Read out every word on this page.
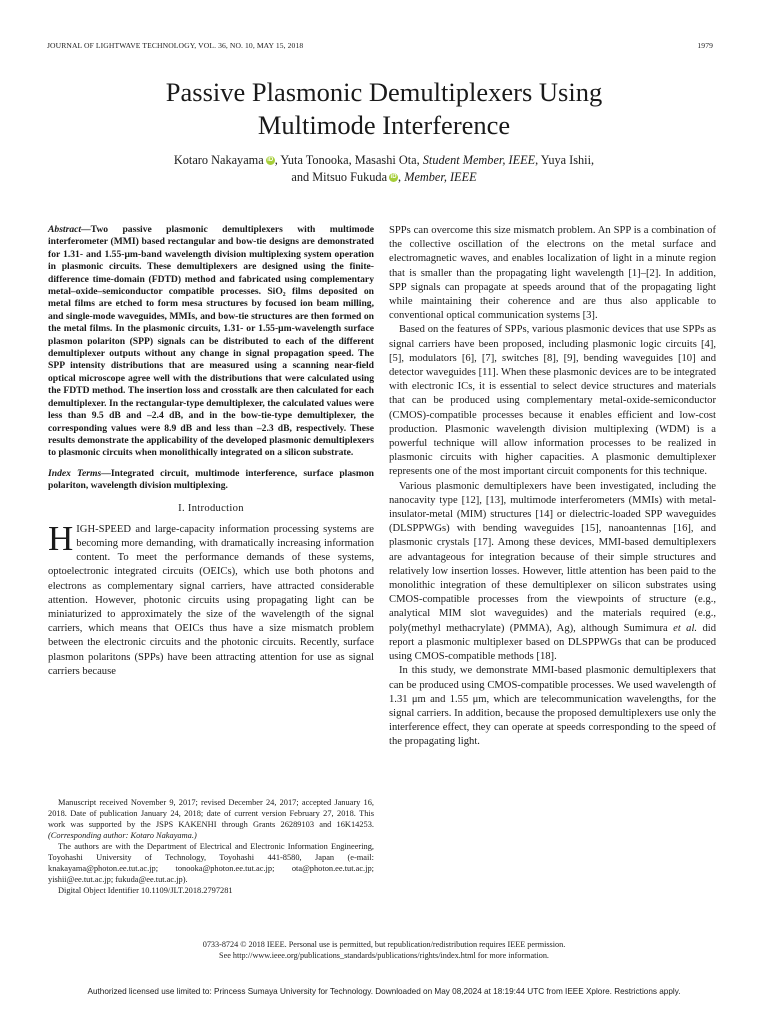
JOURNAL OF LIGHTWAVE TECHNOLOGY, VOL. 36, NO. 10, MAY 15, 2018	1979
Passive Plasmonic Demultiplexers Using
Multimode Interference
Kotaro Nakayama iD , Yuta Tonooka, Masashi Ota, Student Member, IEEE, Yuya Ishii,
and Mitsuo Fukuda iD , Member, IEEE

Abstract—Two passive plasmonic demultiplexers with multimode interferometer (MMI) based rectangular and bow-tie designs are demonstrated for 1.31- and 1.55-μm-band wavelength division multiplexing system operation in plasmonic circuits. These demultiplexers are designed using the finite-difference time-domain (FDTD) method and fabricated using complementary metal–oxide–semiconductor compatible processes. SiO₂ films deposited on metal films are etched to form mesa structures by focused ion beam milling, and single-mode waveguides, MMIs, and bow-tie structures are then formed on the metal films. In the plasmonic circuits, 1.31- or 1.55-μm-wavelength surface plasmon polariton (SPP) signals can be distributed to each of the different demultiplexer outputs without any change in signal propagation speed. The SPP intensity distributions that are measured using a scanning near-field optical microscope agree well with the distributions that were calculated using the FDTD method. The insertion loss and crosstalk are then calculated for each demultiplexer. In the rectangular-type demultiplexer, the calculated values were less than 9.5 dB and –2.4 dB, and in the bow-tie-type demultiplexer, the corresponding values were 8.9 dB and less than –2.3 dB, respectively. These results demonstrate the applicability of the developed plasmonic demultiplexers to plasmonic circuits when monolithically integrated on a silicon substrate.

Index Terms—Integrated circuit, multimode interference, surface plasmon polariton, wavelength division multiplexing.

I. Introduction

HIGH-SPEED and large-capacity information processing systems are becoming more demanding, with dramatically increasing information content. To meet the performance demands of these systems, optoelectronic integrated circuits (OEICs), which use both photons and electrons as complementary signal carriers, have attracted considerable attention. However, photonic circuits using propagating light can be miniaturized to approximately the size of the wavelength of the signal carriers, which means that OEICs thus have a size mismatch problem between the electronic circuits and the photonic circuits. Recently, surface plasmon polaritons (SPPs) have been attracting attention for use as signal carriers because

Manuscript received November 9, 2017; revised December 24, 2017; accepted January 16, 2018. Date of publication January 24, 2018; date of current version February 27, 2018. This work was supported by the JSPS KAKENHI through Grants 26289103 and 16K14253. (Corresponding author: Kotaro Nakayama.)

The authors are with the Department of Electrical and Electronic Information Engineering, Toyohashi University of Technology, Toyohashi 441-8580, Japan (e-mail: knakayama@photon.ee.tut.ac.jp; tonooka@photon.ee.tut.ac.jp; ota@photon.ee.tut.ac.jp; yishii@ee.tut.ac.jp; fukuda@ee.tut.ac.jp).

Digital Object Identifier 10.1109/JLT.2018.2797281

SPPs can overcome this size mismatch problem. An SPP is a combination of the collective oscillation of the electrons on the metal surface and electromagnetic waves, and enables localization of light in a minute region that is smaller than the propagating light wavelength [1]–[2]. In addition, SPP signals can propagate at speeds around that of the propagating light while maintaining their coherence and are thus also applicable to conventional optical communication systems [3].

Based on the features of SPPs, various plasmonic devices that use SPPs as signal carriers have been proposed, including plasmonic logic circuits [4], [5], modulators [6], [7], switches [8], [9], bending waveguides [10] and detector waveguides [11]. When these plasmonic devices are to be integrated with electronic ICs, it is essential to select device structures and materials that can be produced using complementary metal-oxide-semiconductor (CMOS)-compatible processes because it enables efficient and low-cost production. Plasmonic wavelength division multiplexing (WDM) is a powerful technique will allow information processes to be realized in plasmonic circuits with higher capacities. A plasmonic demultiplexer represents one of the most important circuit components for this technique.

Various plasmonic demultiplexers have been investigated, including the nanocavity type [12], [13], multimode interferometers (MMIs) with metal-insulator-metal (MIM) structures [14] or dielectric-loaded SPP waveguides (DLSPPWGs) with bending waveguides [15], nanoantennas [16], and plasmonic crystals [17]. Among these devices, MMI-based demultiplexers are advantageous for integration because of their simple structures and relatively low insertion losses. However, little attention has been paid to the monolithic integration of these demultiplexer on silicon substrates using CMOS-compatible processes from the viewpoints of structure (e.g., analytical MIM slot waveguides) and the materials required (e.g., poly(methyl methacrylate) (PMMA), Ag), although Sumimura et al. did report a plasmonic multiplexer based on DLSPPWGs that can be produced using CMOS-compatible methods [18].

In this study, we demonstrate MMI-based plasmonic demultiplexers that can be produced using CMOS-compatible processes. We used wavelength of 1.31 μm and 1.55 μm, which are telecommunication wavelengths, for the signal carriers. In addition, because the proposed demultiplexers use only the interference effect, they can operate at speeds corresponding to the speed of the propagating light.

0733-8724 © 2018 IEEE. Personal use is permitted, but republication/redistribution requires IEEE permission.
See http://www.ieee.org/publications_standards/publications/rights/index.html for more information.
Authorized licensed use limited to: Princess Sumaya University for Technology. Downloaded on May 08,2024 at 18:19:44 UTC from IEEE Xplore. Restrictions apply.
